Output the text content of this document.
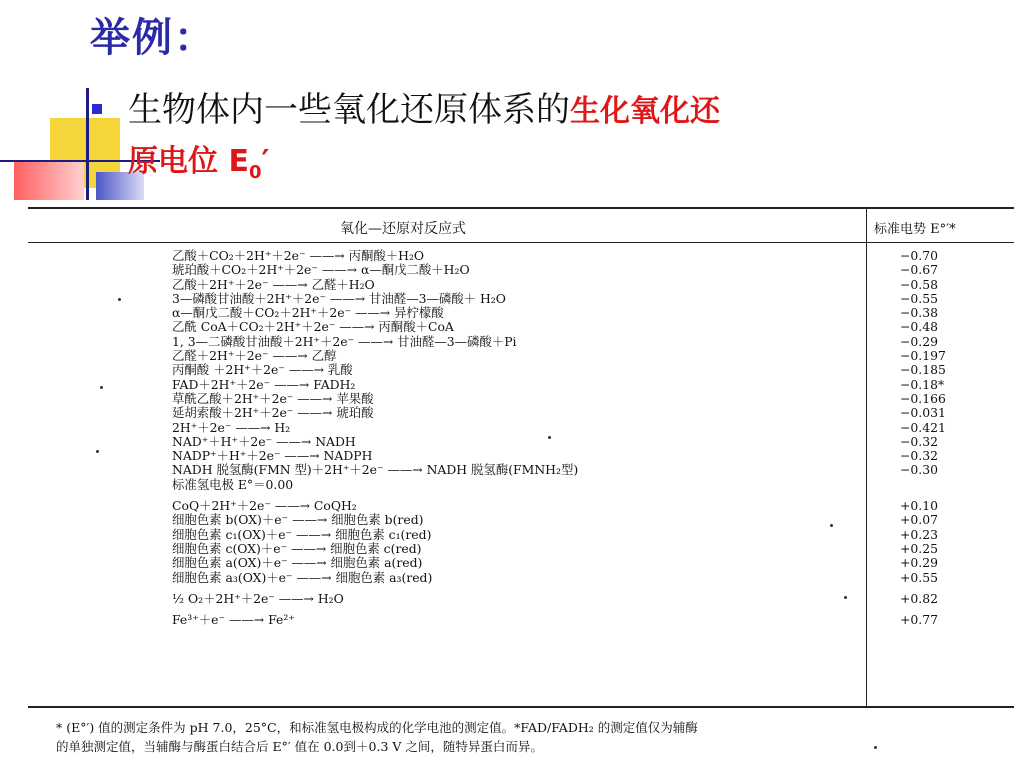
举例：
生物体内一些氧化还原体系的生化氧化还
原电位 $E_0'$
氧化—还原对反应式	标准电势 E°′*
乙酸＋CO₂＋2H⁺＋2e⁻ ——→ 丙酮酸＋H₂O
琥珀酸＋CO₂＋2H⁺＋2e⁻ ——→ α—酮戊二酸＋H₂O
乙酸＋2H⁺＋2e⁻ ——→ 乙醛＋H₂O
3—磷酸甘油酸＋2H⁺＋2e⁻ ——→ 甘油醛—3—磷酸＋ H₂O
α—酮戊二酸＋CO₂＋2H⁺＋2e⁻ ——→ 异柠檬酸
乙酰 CoA＋CO₂＋2H⁺＋2e⁻ ——→ 丙酮酸＋CoA
1, 3—二磷酸甘油酸＋2H⁺＋2e⁻ ——→ 甘油醛—3—磷酸＋Pi
乙醛＋2H⁺＋2e⁻ ——→ 乙醇
丙酮酸 ＋2H⁺＋2e⁻ ——→ 乳酸
FAD＋2H⁺＋2e⁻ ——→ FADH₂
草酰乙酸＋2H⁺＋2e⁻ ——→ 苹果酸
延胡索酸＋2H⁺＋2e⁻ ——→ 琥珀酸
2H⁺＋2e⁻ ——→ H₂
NAD⁺＋H⁺＋2e⁻ ——→ NADH
NADP⁺＋H⁺＋2e⁻ ——→ NADPH
NADH 脱氢酶(FMN 型)＋2H⁺＋2e⁻ ——→ NADH 脱氢酶(FMNH₂型)
标准氢电极 E°＝0.00
CoQ＋2H⁺＋2e⁻ ——→ CoQH₂
细胞色素 b(OX)＋e⁻ ——→ 细胞色素 b(red)
细胞色素 c₁(OX)＋e⁻ ——→ 细胞色素 c₁(red)
细胞色素 c(OX)＋e⁻ ——→ 细胞色素 c(red)
细胞色素 a(OX)＋e⁻ ——→ 细胞色素 a(red)
细胞色素 a₃(OX)＋e⁻ ——→ 细胞色素 a₃(red)
½ O₂＋2H⁺＋2e⁻ ——→ H₂O
Fe³⁺＋e⁻ ——→ Fe²⁺
−0.70
−0.67
−0.58
−0.55
−0.38
−0.48
−0.29
−0.197
−0.185
−0.18*
−0.166
−0.031
−0.421
−0.32
−0.32
−0.30
+0.10
+0.07
+0.23
+0.25
+0.29
+0.55
+0.82
+0.77
* (E°′) 值的测定条件为 pH 7.0，25°C，和标准氢电极构成的化学电池的测定值。*FAD/FADH₂ 的测定值仅为辅酶
的单独测定值，当辅酶与酶蛋白结合后 E°′ 值在 0.0到＋0.3 V 之间，随特异蛋白而异。
